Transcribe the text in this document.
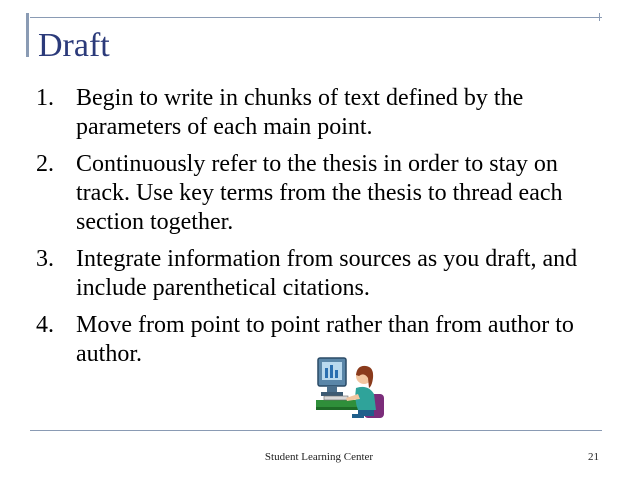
Draft
1. Begin to write in chunks of text defined by the parameters of each main point.
2. Continuously refer to the thesis in order to stay on track. Use key terms from the thesis to thread each section together.
3. Integrate information from sources as you draft, and include parenthetical citations.
4. Move from point to point rather than from author to author.
Student Learning Center	21
